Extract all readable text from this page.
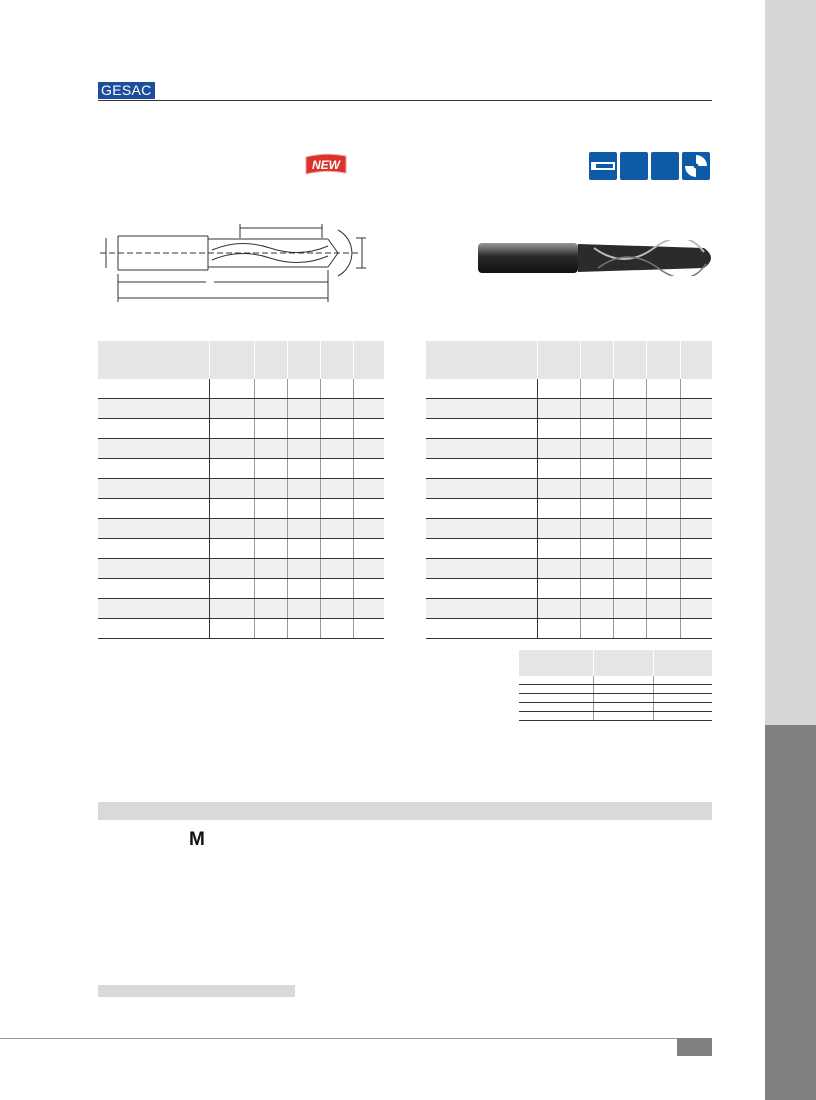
GESAC
NEW

M
